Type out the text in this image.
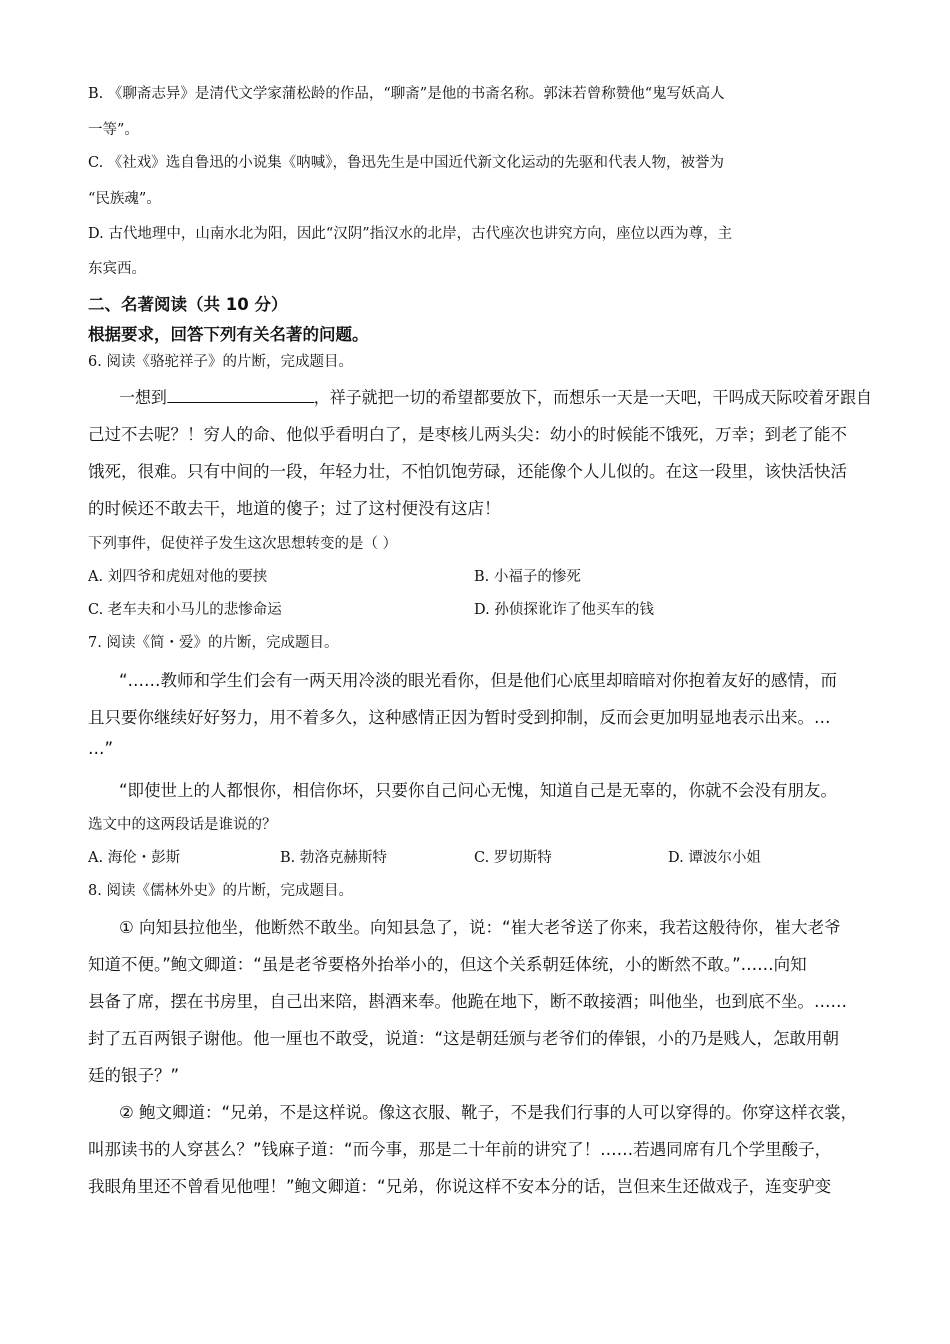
B. 《聊斋志异》是清代文学家蒲松龄的作品，“聊斋”是他的书斋名称。郭沫若曾称赞他“鬼写妖高人
一等”。
C. 《社戏》选自鲁迅的小说集《呐喊》，鲁迅先生是中国近代新文化运动的先驱和代表人物，被誉为
“民族魂”。
D. 古代地理中，山南水北为阳，因此“汉阴”指汉水的北岸，古代座次也讲究方向，座位以西为尊，主
东宾西。
二、名著阅读（共 10 分）
根据要求，回答下列有关名著的问题。
6. 阅读《骆驼祥子》的片断，完成题目。
一想到	，祥子就把一切的希望都要放下，而想乐一天是一天吧，干吗成天际咬着牙跟自
己过不去呢？！穷人的命、他似乎看明白了，是枣核儿两头尖：幼小的时候能不饿死，万幸；到老了能不
饿死，很难。只有中间的一段，年轻力壮，不怕饥饱劳碌，还能像个人儿似的。在这一段里，该快活快活
的时候还不敢去干，地道的傻子；过了这村便没有这店！
下列事件，促使祥子发生这次思想转变的是（ ）
A. 刘四爷和虎妞对他的要挟	B. 小福子的惨死
C. 老车夫和小马儿的悲惨命运	D. 孙侦探讹诈了他买车的钱
7. 阅读《简・爱》的片断，完成题目。
“……教师和学生们会有一两天用冷淡的眼光看你，但是他们心底里却暗暗对你抱着友好的感情，而
且只要你继续好好努力，用不着多久，这种感情正因为暂时受到抑制，反而会更加明显地表示出来。…
…”
“即使世上的人都恨你，相信你坏，只要你自己问心无愧，知道自己是无辜的，你就不会没有朋友。
选文中的这两段话是谁说的？
A. 海伦・彭斯	B. 勃洛克赫斯特	C. 罗切斯特	D. 谭波尔小姐
8. 阅读《儒林外史》的片断，完成题目。
① 向知县拉他坐，他断然不敢坐。向知县急了，说：“崔大老爷送了你来，我若这般待你，崔大老爷
知道不便。”鲍文卿道：“虽是老爷要格外抬举小的，但这个关系朝廷体统，小的断然不敢。”……向知
县备了席，摆在书房里，自己出来陪，斟酒来奉。他跪在地下，断不敢接酒；叫他坐，也到底不坐。……
封了五百两银子谢他。他一厘也不敢受，说道：“这是朝廷颁与老爷们的俸银，小的乃是贱人，怎敢用朝
廷的银子？”
② 鲍文卿道：“兄弟，不是这样说。像这衣服、靴子，不是我们行事的人可以穿得的。你穿这样衣裳，
叫那读书的人穿甚么？”钱麻子道：“而今事，那是二十年前的讲究了！……若遇同席有几个学里酸子，
我眼角里还不曾看见他哩！”鲍文卿道：“兄弟，你说这样不安本分的话，岂但来生还做戏子，连变驴变
